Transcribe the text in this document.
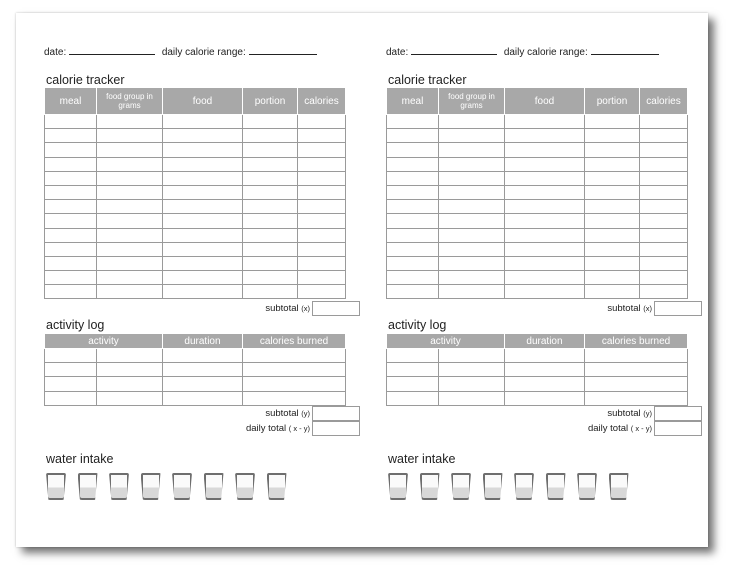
date:	daily calorie range:
calorie tracker
meal	food group in grams	food	portion	calories

subtotal (x)
activity log
activity		duration	calories burned

subtotal (y)
daily total ( x - y)
water intake
date:	daily calorie range:
calorie tracker
meal	food group in grams	food	portion	calories

subtotal (x)
activity log
activity		duration	calories burned

subtotal (y)
daily total ( x - y)
water intake
